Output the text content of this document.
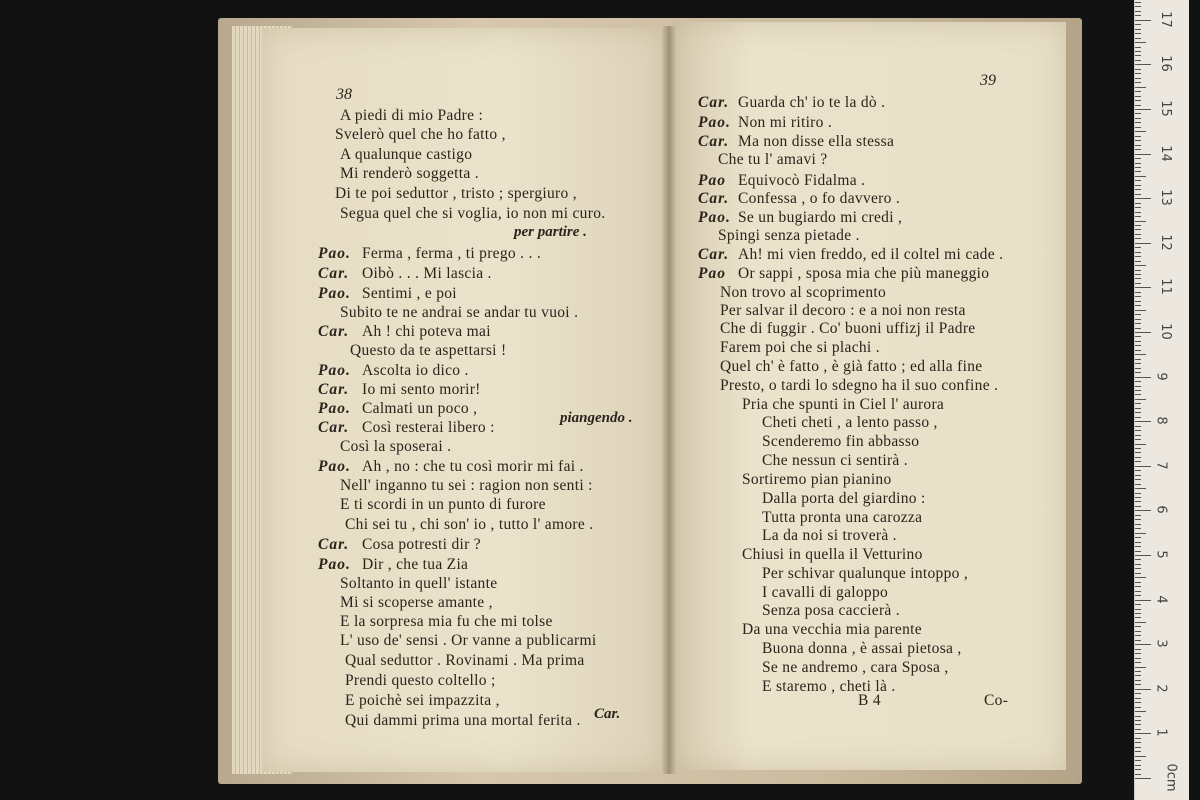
0cm
1
2
3
4
5
6
7
8
9
10
11
12
13
14
15
16
17
38
A piedi di mio Padre :
Svelerò quel che ho fatto ,
A qualunque castigo
Mi renderò soggetta .
Di te poi seduttor , tristo ; spergiuro ,
Segua quel che si voglia, io non mi curo.
Pao. Ferma , ferma , ti prego . . .
Car. Oibò . . . Mi lascia .
Pao. Sentimi , e poi
Subito te ne andrai se andar tu vuoi .
Car. Ah ! chi poteva mai
Questo da te aspettarsi !
Pao. Ascolta io dico .
Car. Io mi sento morir!
Pao. Calmati un poco ,
Car. Così resterai libero :
Così la sposerai .
Pao. Ah , no : che tu così morir mi fai .
Nell' inganno tu sei : ragion non senti :
E ti scordi in un punto di furore
Chi sei tu , chi son' io , tutto l' amore .
Car. Cosa potresti dir ?
Pao. Dir , che tua Zia
Soltanto in quell' istante
Mi si scoperse amante ,
E la sorpresa mia fu che mi tolse
L' uso de' sensi . Or vanne a publicarmi
Qual seduttor . Rovinami . Ma prima
Prendi questo coltello ;
E poichè sei impazzita ,
Qui dammi prima una mortal ferita .
per partire .
piangendo .
Car.
39
Car. Guarda ch' io te la dò .
Pao. Non mi ritiro .
Car. Ma non disse ella stessa
Che tu l' amavi ?
Pao Equivocò Fidalma .
Car. Confessa , o fo davvero .
Pao. Se un bugiardo mi credi ,
Spingi senza pietade .
Car. Ah! mi vien freddo, ed il coltel mi cade .
Pao Or sappi , sposa mia che più maneggio
Non trovo al scoprimento
Per salvar il decoro : e a noi non resta
Che di fuggir . Co' buoni uffizj il Padre
Farem poi che si plachi .
Quel ch' è fatto , è già fatto ; ed alla fine
Presto, o tardi lo sdegno ha il suo confine .
Pria che spunti in Ciel l' aurora
Cheti cheti , a lento passo ,
Scenderemo fin abbasso
Che nessun ci sentirà .
Sortiremo pian pianino
Dalla porta del giardino :
Tutta pronta una carozza
La da noi si troverà .
Chiusi in quella il Vetturino
Per schivar qualunque intoppo ,
I cavalli di galoppo
Senza posa caccierà .
Da una vecchia mia parente
Buona donna , è assai pietosa ,
Se ne andremo , cara Sposa ,
E staremo , cheti là .
B 4	Co-
